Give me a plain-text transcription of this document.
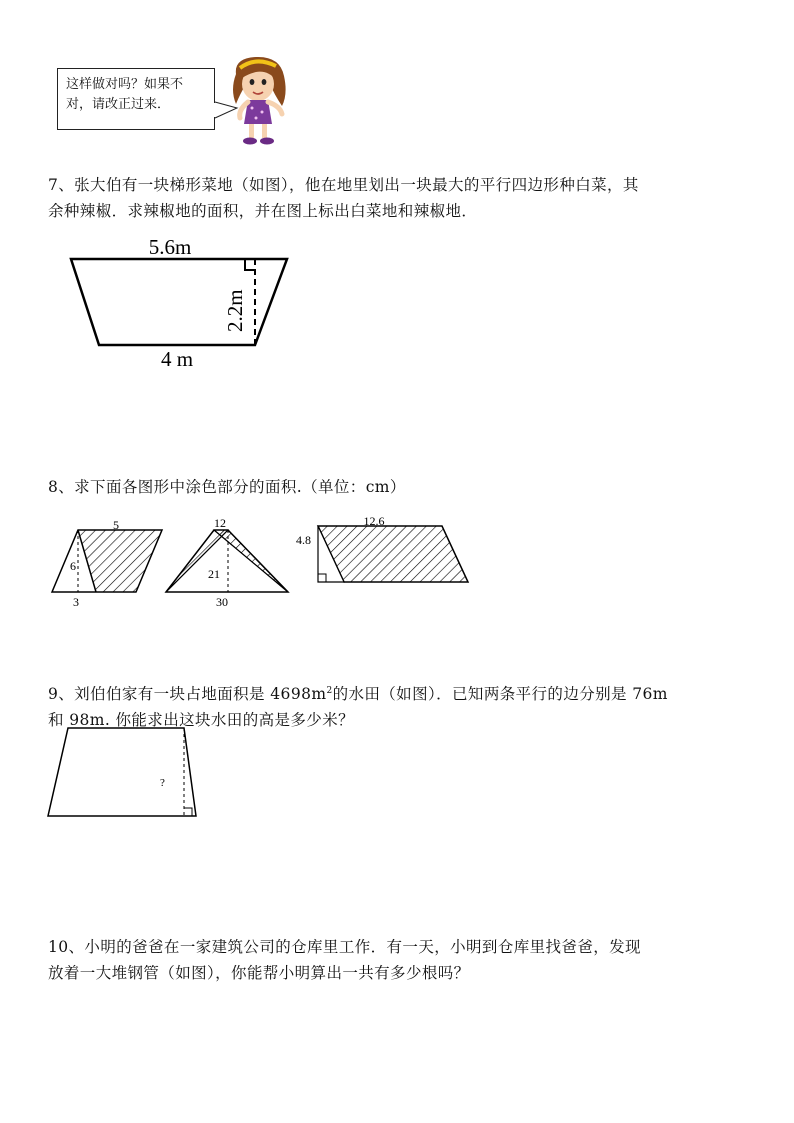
这样做对吗？如果不
对，请改正过来．
7、张大伯有一块梯形菜地（如图），他在地里划出一块最大的平行四边形种白菜，其
余种辣椒．求辣椒地的面积，并在图上标出白菜地和辣椒地．
5.6m
4 m
2.2m
8、求下面各图形中涂色部分的面积.（单位：cm）
5
6
3
12
21
30
12.6
4.8
9、刘伯伯家有一块占地面积是 $4698m^2$的水田（如图）．已知两条平行的边分别是 76m
和 98m. 你能求出这块水田的高是多少米？
?
10、小明的爸爸在一家建筑公司的仓库里工作．有一天，小明到仓库里找爸爸，发现
放着一大堆钢管（如图），你能帮小明算出一共有多少根吗？
